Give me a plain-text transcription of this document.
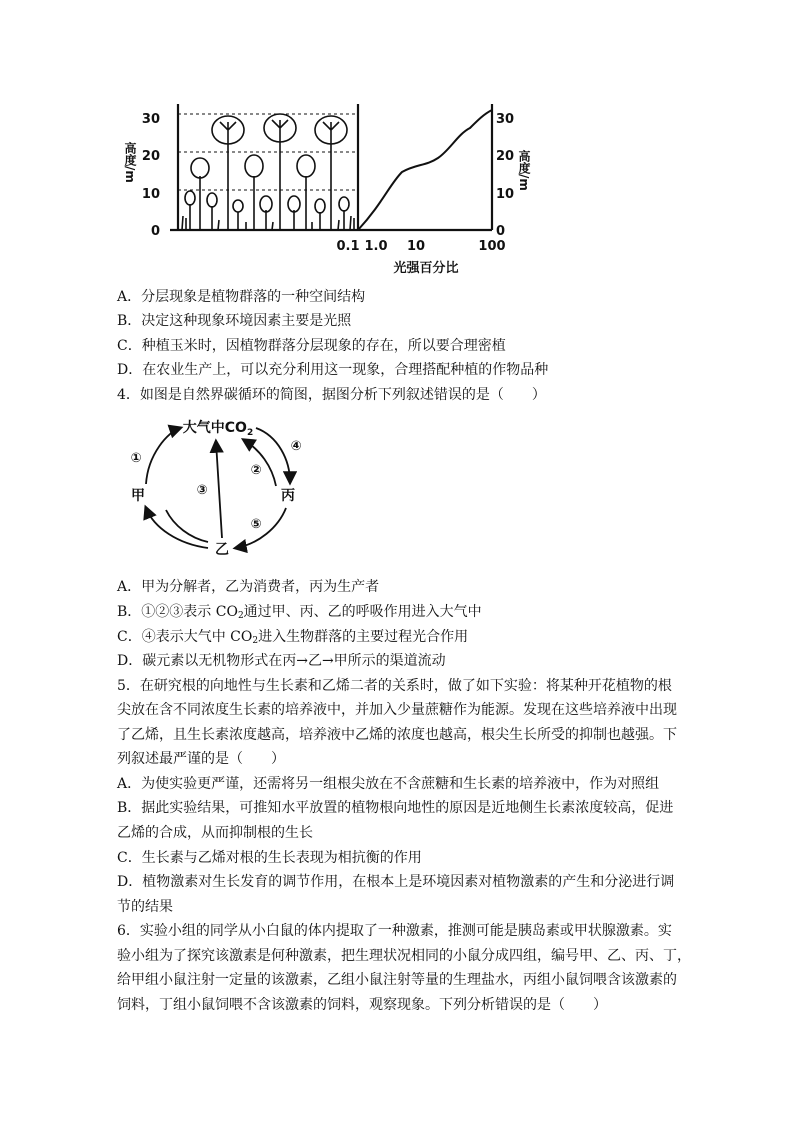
0
10
20
30
高度/m
30
20
10
0
高度/m
0.1 1.0 10	100
光强百分比
A．分层现象是植物群落的一种空间结构
B．决定这种现象环境因素主要是光照
C．种植玉米时，因植物群落分层现象的存在，所以要合理密植
D．在农业生产上，可以充分利用这一现象，合理搭配种植的作物品种
4．如图是自然界碳循环的简图，据图分析下列叙述错误的是（　　）
大气中$CO_2$
甲	丙
乙
①
②
③
④
⑤
A．甲为分解者，乙为消费者，丙为生产者
B．①②③表示 $CO_2$通过甲、丙、乙的呼吸作用进入大气中
C．④表示大气中 $CO_2$进入生物群落的主要过程光合作用
D．碳元素以无机物形式在丙→乙→甲所示的渠道流动
5．在研究根的向地性与生长素和乙烯二者的关系时，做了如下实验：将某种开花植物的根
尖放在含不同浓度生长素的培养液中，并加入少量蔗糖作为能源。发现在这些培养液中出现
了乙烯，且生长素浓度越高，培养液中乙烯的浓度也越高，根尖生长所受的抑制也越强。下
列叙述最严谨的是（　　）
A．为使实验更严谨，还需将另一组根尖放在不含蔗糖和生长素的培养液中，作为对照组
B．据此实验结果，可推知水平放置的植物根向地性的原因是近地侧生长素浓度较高，促进
乙烯的合成，从而抑制根的生长
C．生长素与乙烯对根的生长表现为相抗衡的作用
D．植物激素对生长发育的调节作用，在根本上是环境因素对植物激素的产生和分泌进行调
节的结果
6．实验小组的同学从小白鼠的体内提取了一种激素，推测可能是胰岛素或甲状腺激素。实
验小组为了探究该激素是何种激素，把生理状况相同的小鼠分成四组，编号甲、乙、丙、丁，
给甲组小鼠注射一定量的该激素，乙组小鼠注射等量的生理盐水，丙组小鼠饲喂含该激素的
饲料，丁组小鼠饲喂不含该激素的饲料，观察现象。下列分析错误的是（　　）
